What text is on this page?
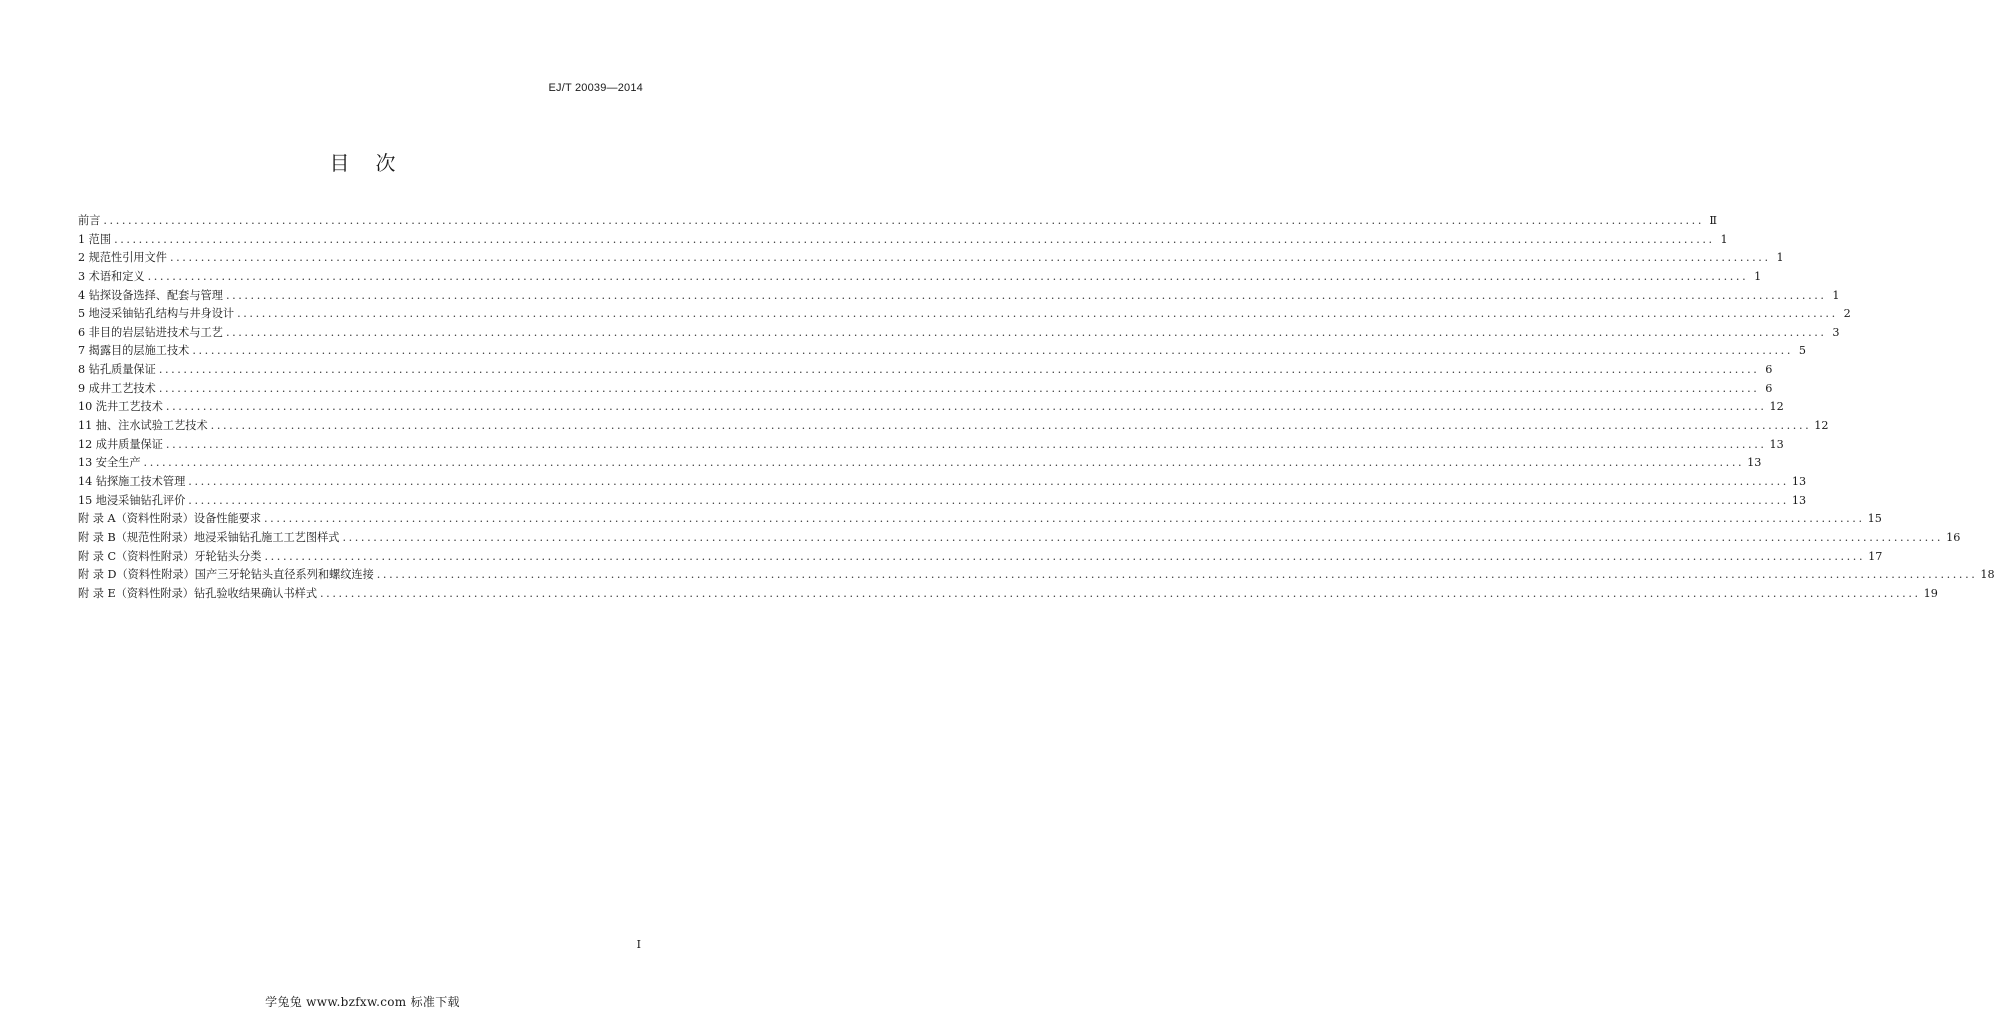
EJ/T 20039—2014
目次
前言 .................................................................................................................................................................................................................................................................... Ⅱ
1 范围 .................................................................................................................................................................................................................................................................... 1
2 规范性引用文件 .................................................................................................................................................................................................................................................................... 1
3 术语和定义 .................................................................................................................................................................................................................................................................... 1
4 钻探设备选择、配套与管理 .................................................................................................................................................................................................................................................................... 1
5 地浸采铀钻孔结构与井身设计 .................................................................................................................................................................................................................................................................... 2
6 非目的岩层钻进技术与工艺 .................................................................................................................................................................................................................................................................... 3
7 揭露目的层施工技术 .................................................................................................................................................................................................................................................................... 5
8 钻孔质量保证 .................................................................................................................................................................................................................................................................... 6
9 成井工艺技术 .................................................................................................................................................................................................................................................................... 6
10 洗井工艺技术 .................................................................................................................................................................................................................................................................... 12
11 抽、注水试验工艺技术 .................................................................................................................................................................................................................................................................... 12
12 成井质量保证 .................................................................................................................................................................................................................................................................... 13
13 安全生产 .................................................................................................................................................................................................................................................................... 13
14 钻探施工技术管理 .................................................................................................................................................................................................................................................................... 13
15 地浸采铀钻孔评价 .................................................................................................................................................................................................................................................................... 13
附 录 A（资料性附录）设备性能要求 .................................................................................................................................................................................................................................................................... 15
附 录 B（规范性附录）地浸采铀钻孔施工工艺图样式 .................................................................................................................................................................................................................................................................... 16
附 录 C（资料性附录）牙轮钻头分类 .................................................................................................................................................................................................................................................................... 17
附 录 D（资料性附录）国产三牙轮钻头直径系列和螺纹连接 .................................................................................................................................................................................................................................................................... 18
附 录 E（资料性附录）钻孔验收结果确认书样式 .................................................................................................................................................................................................................................................................... 19
I
学兔兔 www.bzfxw.com 标准下载
